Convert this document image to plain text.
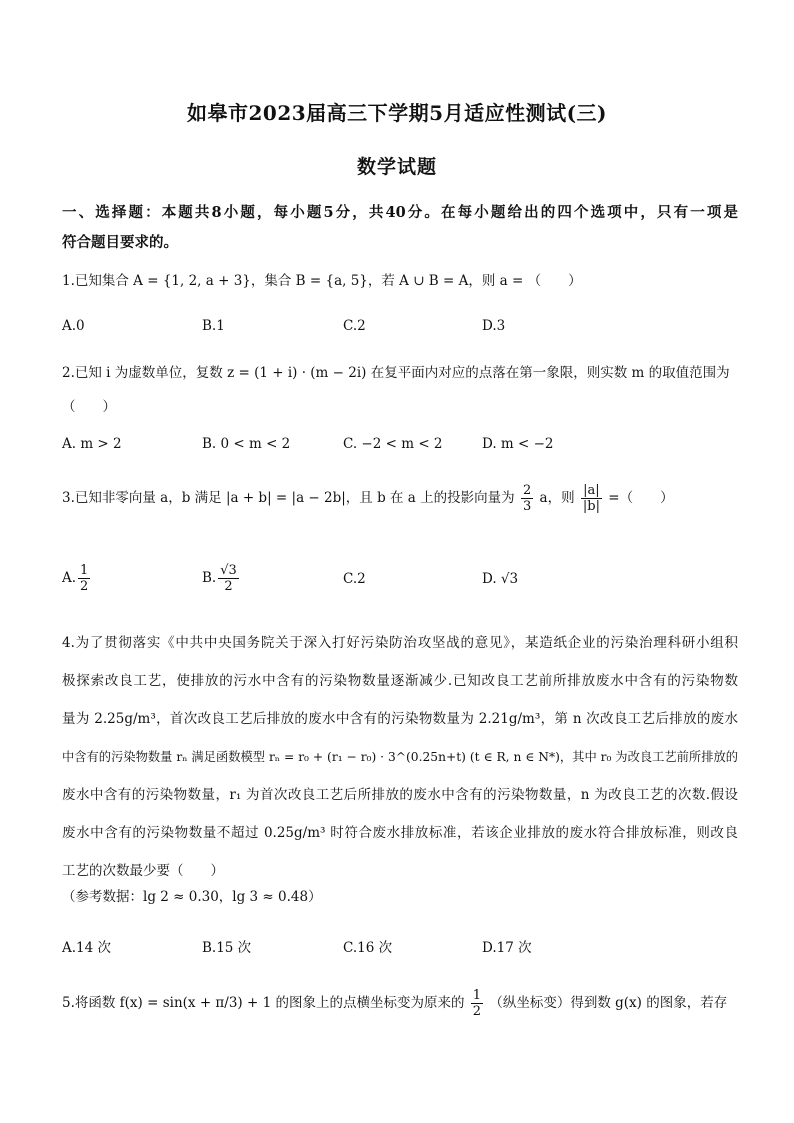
如皋市2023届高三下学期5月适应性测试(三)
数学试题
一、选择题：本题共8小题，每小题5分，共40分。在每小题给出的四个选项中，只有一项是
符合题目要求的。
1.已知集合 A = {1, 2, a + 3}，集合 B = {a, 5}，若 A ∪ B = A，则 a = （　　）
A.0	B.1	C.2	D.3
2.已知 i 为虚数单位，复数 z = (1 + i) · (m − 2i) 在复平面内对应的点落在第一象限，则实数 m 的取值范围为
（　　）
A. m > 2	B. 0 < m < 2	C. −2 < m < 2	D. m < −2
3.已知非零向量 a，b 满足 |a + b| = |a − 2b|，且 b 在 a 上的投影向量为 $\frac{2}{3}$ a，则 $\frac{|a|}{|b|}$ =（　　）
A. $\frac{1}{2}$	B. $\frac{√3}{2}$	C.2	D. √3
4.为了贯彻落实《中共中央国务院关于深入打好污染防治攻坚战的意见》，某造纸企业的污染治理科研小组积
极探索改良工艺，使排放的污水中含有的污染物数量逐渐减少.已知改良工艺前所排放废水中含有的污染物数
量为 2.25g/m³，首次改良工艺后排放的废水中含有的污染物数量为 2.21g/m³，第 n 次改良工艺后排放的废水
中含有的污染物数量 rₙ 满足函数模型 rₙ = r₀ + (r₁ − r₀) · 3^(0.25n+t) (t ∈ R, n ∈ N*)，其中 r₀ 为改良工艺前所排放的
废水中含有的污染物数量，r₁ 为首次改良工艺后所排放的废水中含有的污染物数量，n 为改良工艺的次数.假设
废水中含有的污染物数量不超过 0.25g/m³ 时符合废水排放标准，若该企业排放的废水符合排放标准，则改良
工艺的次数最少要（　　）
（参考数据：lg 2 ≈ 0.30，lg 3 ≈ 0.48）
A.14 次	B.15 次	C.16 次	D.17 次
5.将函数 f(x) = sin(x + π/3) + 1 的图象上的点横坐标变为原来的 $\frac{1}{2}$ （纵坐标变）得到数 g(x) 的图象，若存
